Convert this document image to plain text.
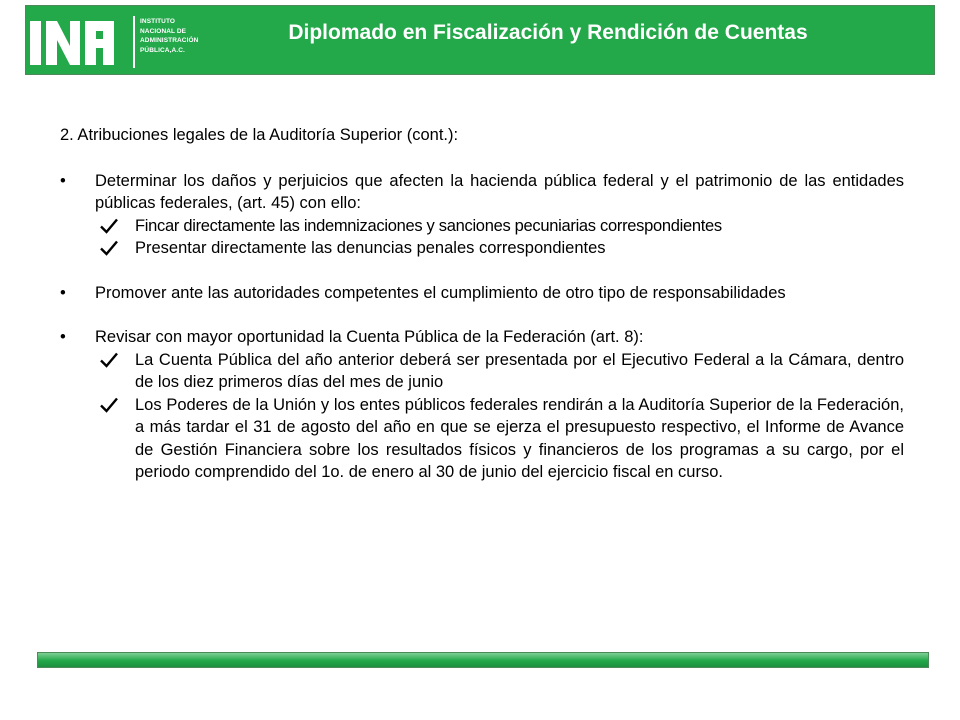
INSTITUTO
NACIONAL DE
ADMINISTRACIÓN
PÚBLICA,A.C.
Diplomado en Fiscalización y Rendición de Cuentas
2. Atribuciones legales de la Auditoría Superior (cont.):
•	Determinar los daños y perjuicios que afecten la hacienda pública federal y el patrimonio de las entidades públicas federales, (art. 45) con ello:
Fincar directamente las indemnizaciones y sanciones pecuniarias correspondientes
Presentar directamente las denuncias penales correspondientes
•	Promover ante las autoridades competentes el cumplimiento de otro tipo de responsabilidades
•	Revisar con mayor oportunidad la Cuenta Pública de la Federación (art. 8):
La Cuenta Pública del año anterior deberá ser presentada por el Ejecutivo Federal a la Cámara, dentro de los diez primeros días del mes de junio
Los Poderes de la Unión y los entes públicos federales rendirán a la Auditoría Superior de la Federación, a más tardar el 31 de agosto del año en que se ejerza el presupuesto respectivo, el Informe de Avance de Gestión Financiera sobre los resultados físicos y financieros de los programas a su cargo, por el periodo comprendido del 1o. de enero al 30 de junio del ejercicio fiscal en curso.
